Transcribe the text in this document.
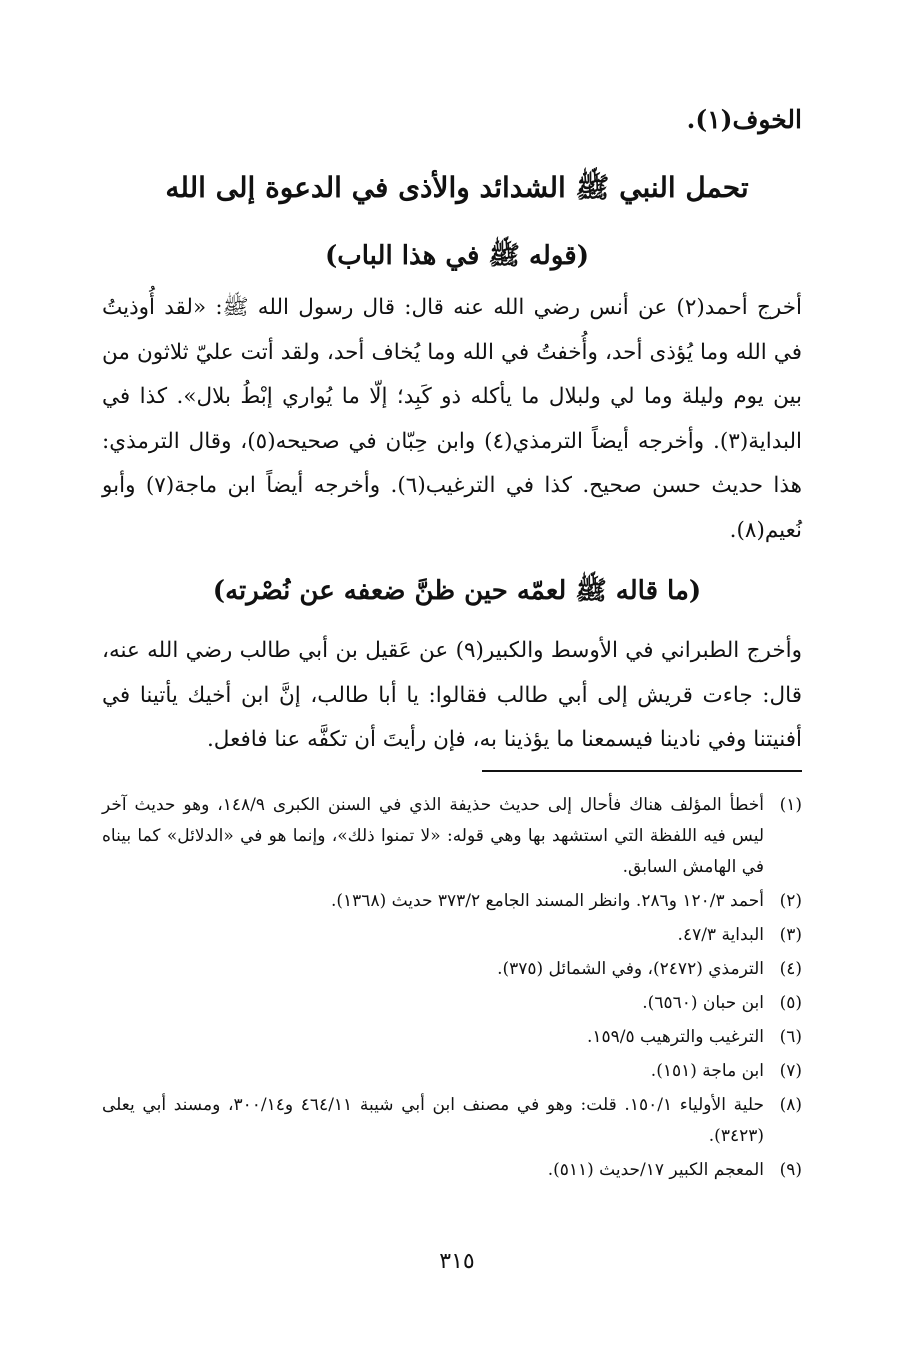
الخوف(١).
تحمل النبي ﷺ الشدائد والأذى في الدعوة إلى الله
(قوله ﷺ في هذا الباب)
أخرج أحمد(٢) عن أنس رضي الله عنه قال: قال رسول الله ﷺ: «لقد أُوذيتُ في الله وما يُؤذى أحد، وأُخفتُ في الله وما يُخاف أحد، ولقد أتت عليّ ثلاثون من بين يوم وليلة وما لي ولبلال ما يأكله ذو كَبِد؛ إلّا ما يُواري إبْطُ بلال». كذا في البداية(٣). وأخرجه أيضاً الترمذي(٤) وابن حِبّان في صحيحه(٥)، وقال الترمذي: هذا حديث حسن صحيح. كذا في الترغيب(٦). وأخرجه أيضاً ابن ماجة(٧) وأبو نُعيم(٨).
(ما قاله ﷺ لعمّه حين ظنَّ ضعفه عن نُصْرته)
وأخرج الطبراني في الأوسط والكبير(٩) عن عَقيل بن أبي طالب رضي الله عنه، قال: جاءت قريش إلى أبي طالب فقالوا: يا أبا طالب، إنَّ ابن أخيك يأتينا في أفنيتنا وفي نادينا فيسمعنا ما يؤذينا به، فإن رأيتَ أن تكفَّه عنا فافعل.
(١)
أخطأ المؤلف هناك فأحال إلى حديث حذيفة الذي في السنن الكبرى ١٤٨/٩، وهو حديث آخر ليس فيه اللفظة التي استشهد بها وهي قوله: «لا تمنوا ذلك»، وإنما هو في «الدلائل» كما بيناه في الهامش السابق.
(٢)
أحمد ١٢٠/٣ و٢٨٦. وانظر المسند الجامع ٣٧٣/٢ حديث (١٣٦٨).
(٣)
البداية ٤٧/٣.
(٤)
الترمذي (٢٤٧٢)، وفي الشمائل (٣٧٥).
(٥)
ابن حبان (٦٥٦٠).
(٦)
الترغيب والترهيب ١٥٩/٥.
(٧)
ابن ماجة (١٥١).
(٨)
حلية الأولياء ١٥٠/١. قلت: وهو في مصنف ابن أبي شيبة ٤٦٤/١١ و٣٠٠/١٤، ومسند أبي يعلى (٣٤٢٣).
(٩)
المعجم الكبير ١٧/حديث (٥١١).
٣١٥
